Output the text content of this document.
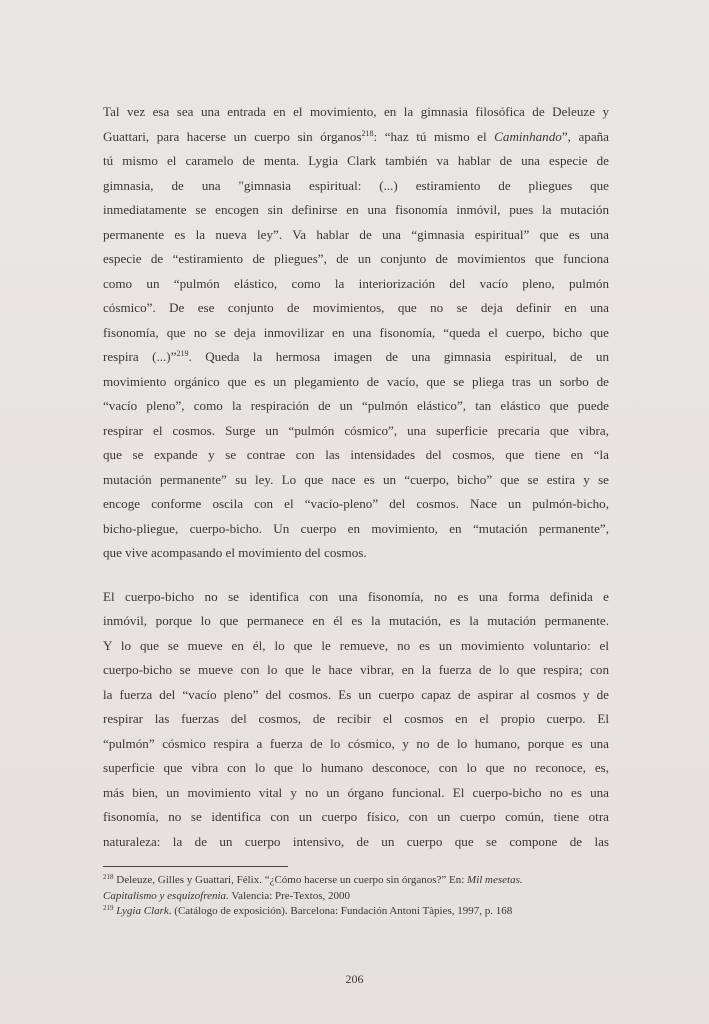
Tal vez esa sea una entrada en el movimiento, en la gimnasia filosófica de Deleuze y
Guattari, para hacerse un cuerpo sin órganos$^{218}$: “haz tú mismo el Caminhando”, apaña
tú mismo el caramelo de menta. Lygia Clark también va hablar de una especie de
gimnasia, de una "gimnasia espiritual: (...) estiramiento de pliegues que
inmediatamente se encogen sin definirse en una fisonomía inmóvil, pues la mutación
permanente es la nueva ley”. Va hablar de una “gimnasia espiritual” que es una
especie de “estiramiento de pliegues”, de un conjunto de movimientos que funciona
como un “pulmón elástico, como la interiorización del vacío pleno, pulmón
cósmico”. De ese conjunto de movimientos, que no se deja definir en una
fisonomía, que no se deja inmovilizar en una fisonomía, “queda el cuerpo, bicho que
respira (...)”$^{219}$. Queda la hermosa imagen de una gimnasia espiritual, de un
movimiento orgánico que es un plegamiento de vacío, que se pliega tras un sorbo de
“vacío pleno”, como la respiración de un “pulmón elástico”, tan elástico que puede
respirar el cosmos. Surge un “pulmón cósmico”, una superficie precaria que vibra,
que se expande y se contrae con las intensidades del cosmos, que tiene en “la
mutación permanente” su ley. Lo que nace es un “cuerpo, bicho” que se estira y se
encoge conforme oscila con el “vacío-pleno” del cosmos. Nace un pulmón-bicho,
bicho-pliegue, cuerpo-bicho. Un cuerpo en movimiento, en “mutación permanente”,
que vive acompasando el movimiento del cosmos.

El cuerpo-bicho no se identifica con una fisonomía, no es una forma definida e
inmóvil, porque lo que permanece en él es la mutación, es la mutación permanente.
Y lo que se mueve en él, lo que le remueve, no es un movimiento voluntario: el
cuerpo-bicho se mueve con lo que le hace vibrar, en la fuerza de lo que respira; con
la fuerza del “vacío pleno” del cosmos. Es un cuerpo capaz de aspirar al cosmos y de
respirar las fuerzas del cosmos, de recibir el cosmos en el propio cuerpo. El
“pulmón” cósmico respira a fuerza de lo cósmico, y no de lo humano, porque es una
superficie que vibra con lo que lo humano desconoce, con lo que no reconoce, es,
más bien, un movimiento vital y no un órgano funcional. El cuerpo-bicho no es una
fisonomía, no se identifica con un cuerpo físico, con un cuerpo común, tiene otra
naturaleza: la de un cuerpo intensivo, de un cuerpo que se compone de las

$^{218}$ Deleuze, Gilles y Guattari, Félix. “¿Cómo hacerse un cuerpo sin órganos?” En: Mil mesetas.
Capitalismo y esquizofrenia. Valencia: Pre-Textos, 2000

$^{219}$ Lygia Clark. (Catálogo de exposición). Barcelona: Fundación Antoni Tàpies, 1997, p. 168

206
